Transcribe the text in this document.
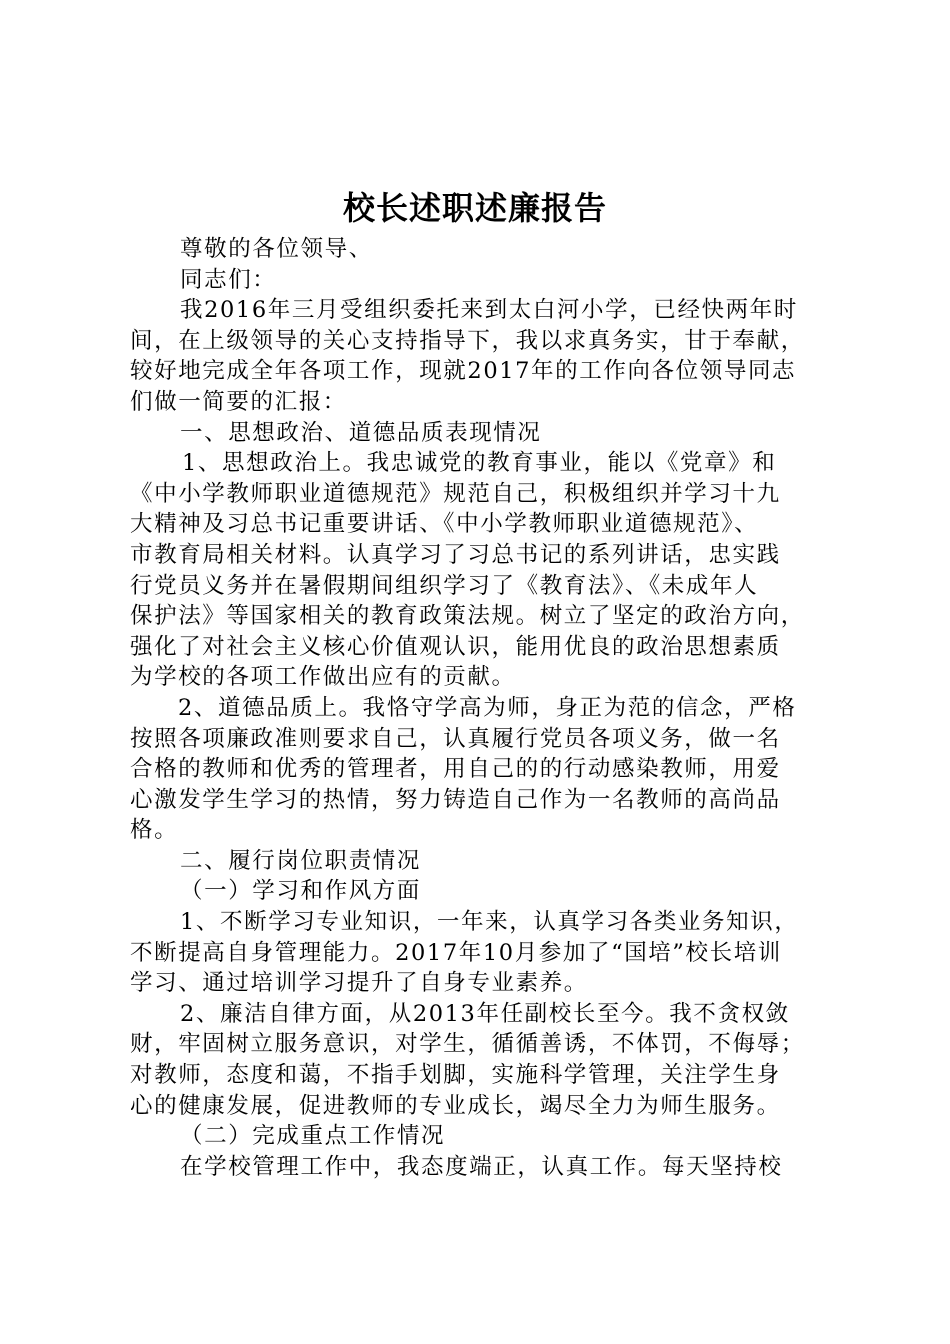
校长述职述廉报告
尊敬的各位领导、
同志们：
我2016年三月受组织委托来到太白河小学，已经快两年时
间，在上级领导的关心支持指导下，我以求真务实，甘于奉献，
较好地完成全年各项工作，现就2017年的工作向各位领导同志
们做一简要的汇报：
一、思想政治、道德品质表现情况
1、思想政治上。我忠诚党的教育事业，能以《党章》和
《中小学教师职业道德规范》规范自己，积极组织并学习十九
大精神及习总书记重要讲话、《中小学教师职业道德规范》、
市教育局相关材料。认真学习了习总书记的系列讲话，忠实践
行党员义务并在暑假期间组织学习了《教育法》、《未成年人
保护法》等国家相关的教育政策法规。树立了坚定的政治方向，
强化了对社会主义核心价值观认识，能用优良的政治思想素质
为学校的各项工作做出应有的贡献。
2、道德品质上。我恪守学高为师，身正为范的信念，严格
按照各项廉政准则要求自己，认真履行党员各项义务，做一名
合格的教师和优秀的管理者，用自己的的行动感染教师，用爱
心激发学生学习的热情，努力铸造自己作为一名教师的高尚品
格。
二、履行岗位职责情况
（一）学习和作风方面
1、不断学习专业知识，一年来，认真学习各类业务知识，
不断提高自身管理能力。2017年10月参加了“国培”校长培训
学习、通过培训学习提升了自身专业素养。
2、廉洁自律方面，从2013年任副校长至今。我不贪权敛
财，牢固树立服务意识，对学生，循循善诱，不体罚，不侮辱；
对教师，态度和蔼，不指手划脚，实施科学管理，关注学生身
心的健康发展，促进教师的专业成长，竭尽全力为师生服务。
（二）完成重点工作情况
在学校管理工作中，我态度端正，认真工作。每天坚持校
